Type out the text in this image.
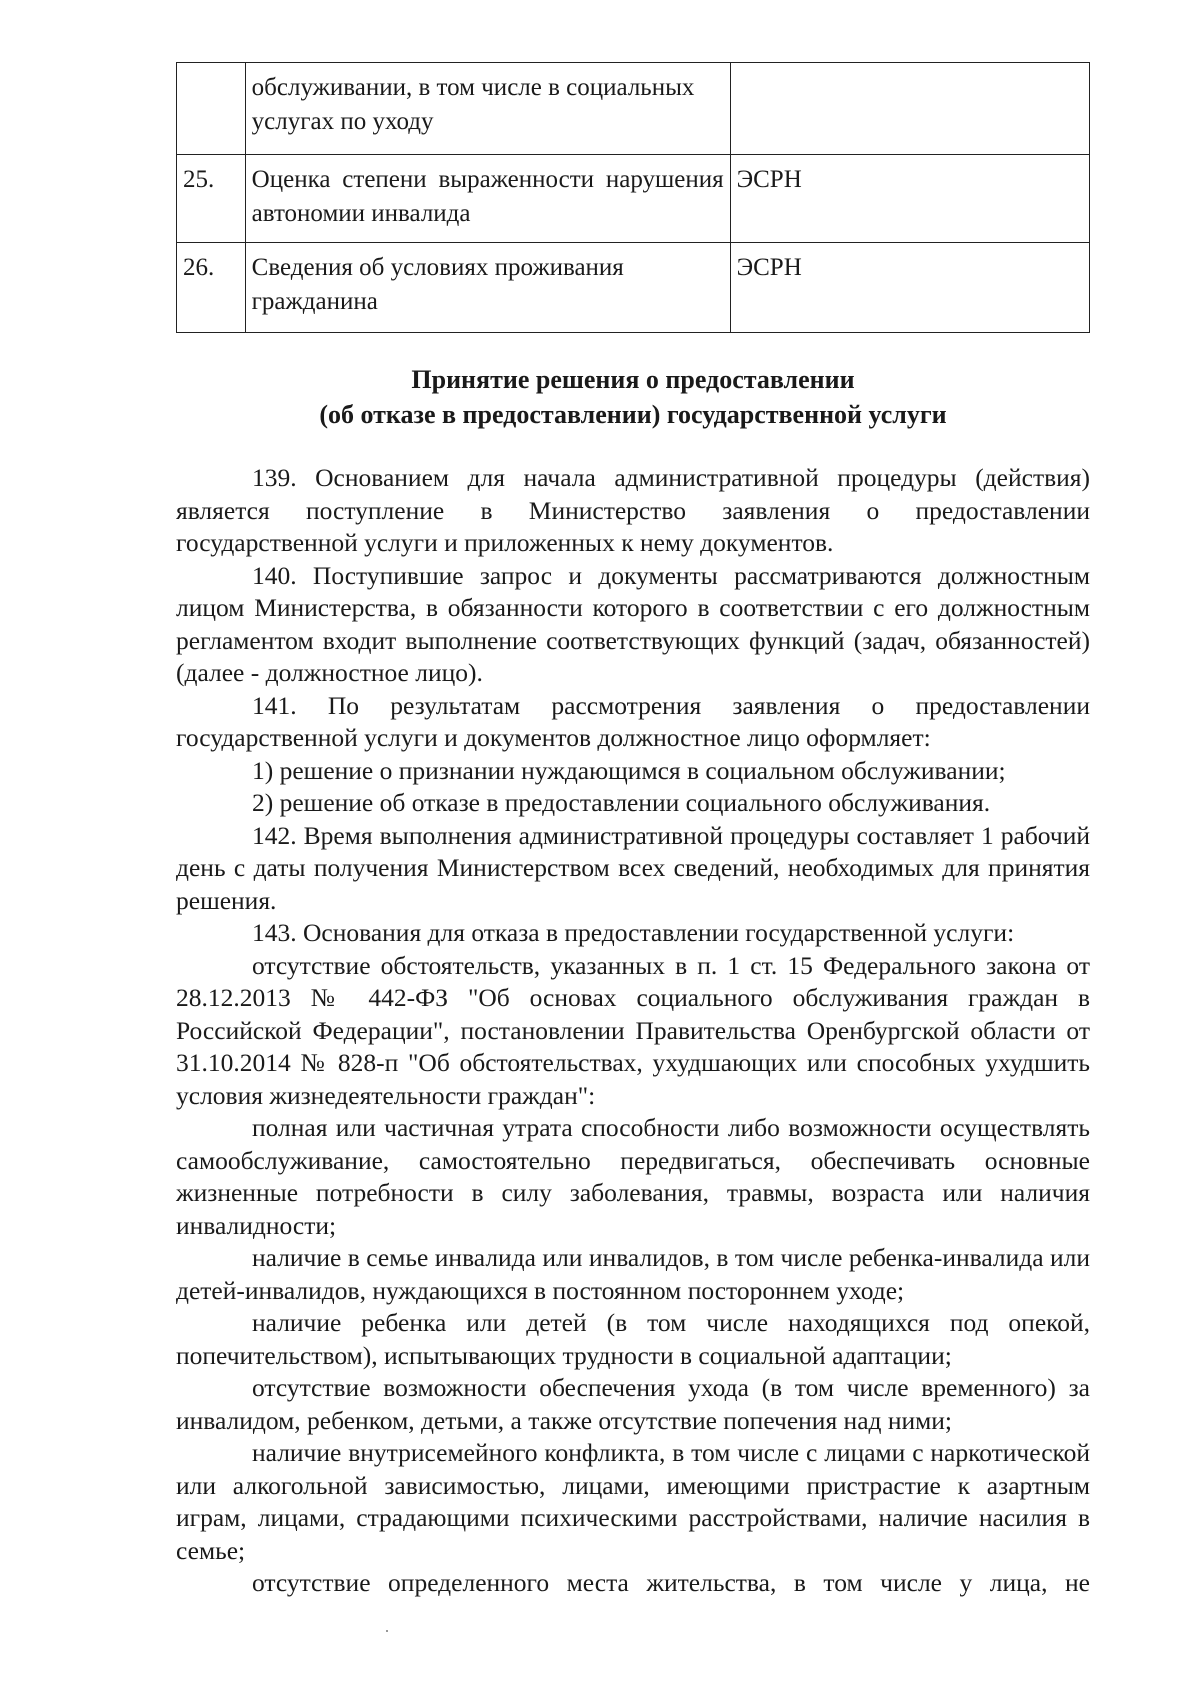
	обслуживании, в том числе в социальных услугах по уходу	
25.	Оценка степени выраженности нарушения автономии инвалида	ЭСРН
26.	Сведения об условиях проживания гражданина	ЭСРН
Принятие решения о предоставлении
(об отказе в предоставлении) государственной услуги

139. Основанием для начала административной процедуры (действия) является поступление в Министерство заявления о предоставлении государственной услуги и приложенных к нему документов.

140. Поступившие запрос и документы рассматриваются должностным лицом Министерства, в обязанности которого в соответствии с его должностным регламентом входит выполнение соответствующих функций (задач, обязанностей) (далее - должностное лицо).

141. По результатам рассмотрения заявления о предоставлении государственной услуги и документов должностное лицо оформляет:

1) решение о признании нуждающимся в социальном обслуживании;

2) решение об отказе в предоставлении социального обслуживания.

142. Время выполнения административной процедуры составляет 1 рабочий день с даты получения Министерством всех сведений, необходимых для принятия решения.

143. Основания для отказа в предоставлении государственной услуги:

отсутствие обстоятельств, указанных в п. 1 ст. 15 Федерального закона от 28.12.2013 № 442-ФЗ "Об основах социального обслуживания граждан в Российской Федерации", постановлении Правительства Оренбургской области от 31.10.2014 № 828-п "Об обстоятельствах, ухудшающих или способных ухудшить условия жизнедеятельности граждан":

полная или частичная утрата способности либо возможности осуществлять самообслуживание, самостоятельно передвигаться, обеспечивать основные жизненные потребности в силу заболевания, травмы, возраста или наличия инвалидности;

наличие в семье инвалида или инвалидов, в том числе ребенка-инвалида или детей-инвалидов, нуждающихся в постоянном постороннем уходе;

наличие ребенка или детей (в том числе находящихся под опекой, попечительством), испытывающих трудности в социальной адаптации;

отсутствие возможности обеспечения ухода (в том числе временного) за инвалидом, ребенком, детьми, а также отсутствие попечения над ними;

наличие внутрисемейного конфликта, в том числе с лицами с наркотической или алкогольной зависимостью, лицами, имеющими пристрастие к азартным играм, лицами, страдающими психическими расстройствами, наличие насилия в семье;

отсутствие определенного места жительства, в том числе у лица, не
